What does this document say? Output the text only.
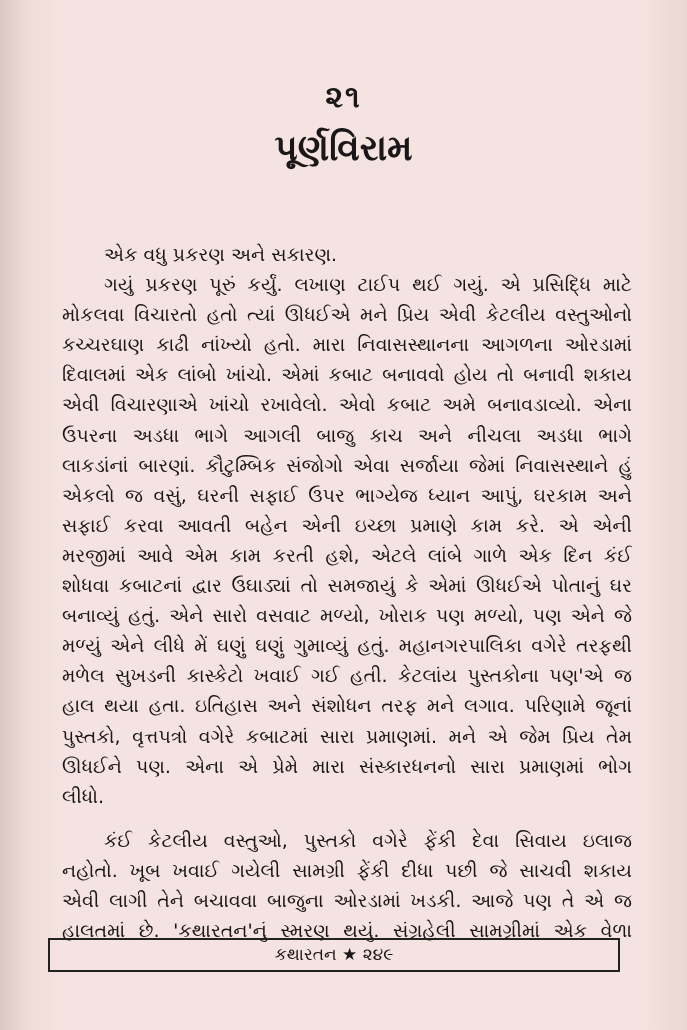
૨૧
પૂર્ણવિરામ
એક વધુ પ્રકરણ અને સકારણ.
ગયું પ્રકરણ પૂરું કર્યું. લખાણ ટાઈપ થઈ ગયું. એ પ્રસિદ્ધિ માટે
મોકલવા વિચારતો હતો ત્યાં ઊધઈએ મને પ્રિય એવી કેટલીય વસ્તુઓનો
કચ્ચરઘાણ કાઢી નાંખ્યો હતો. મારા નિવાસસ્થાનના આગળના ઓરડામાં
દિવાલમાં એક લાંબો ખાંચો. એમાં કબાટ બનાવવો હોય તો બનાવી શકાય
એવી વિચારણાએ ખાંચો રખાવેલો. એવો કબાટ અમે બનાવડાવ્યો. એના
ઉપરના અડધા ભાગે આગલી બાજુ કાચ અને નીચલા અડધા ભાગે
લાકડાંનાં બારણાં. કૌટુમ્બિક સંજોગો એવા સર્જાયા જેમાં નિવાસસ્થાને હું
એકલો જ વસું, ઘરની સફાઈ ઉપર ભાગ્યેજ ધ્યાન આપું, ઘરકામ અને
સફાઈ કરવા આવતી બહેન એની ઇચ્છા પ્રમાણે કામ કરે. એ એની
મરજીમાં આવે એમ કામ કરતી હશે, એટલે લાંબે ગાળે એક દિન કંઈ
શોધવા કબાટનાં દ્વાર ઉઘાડ્યાં તો સમજાયું કે એમાં ઊધઈએ પોતાનું ઘર
બનાવ્યું હતું. એને સારો વસવાટ મળ્યો, ખોરાક પણ મળ્યો, પણ એને જે
મળ્યું એને લીધે મેં ઘણું ઘણું ગુમાવ્યું હતું. મહાનગરપાલિકા વગેરે તરફથી
મળેલ સુખડની કાસ્કેટો ખવાઈ ગઈ હતી. કેટલાંય પુસ્તકોના પણ'એ જ
હાલ થયા હતા. ઇતિહાસ અને સંશોધન તરફ મને લગાવ. પરિણામે જૂનાં
પુસ્તકો, વૃત્તપત્રો વગેરે કબાટમાં સારા પ્રમાણમાં. મને એ જેમ પ્રિય તેમ
ઊધઈને પણ. એના એ પ્રેમે મારા સંસ્કારધનનો સારા પ્રમાણમાં ભોગ
લીધો.
કંઈ કેટલીય વસ્તુઓ, પુસ્તકો વગેરે ફેંકી દેવા સિવાય ઇલાજ
નહોતો. ખૂબ ખવાઈ ગયેલી સામગ્રી ફેંકી દીધા પછી જે સાચવી શકાય
એવી લાગી તેને બચાવવા બાજુના ઓરડામાં ખડકી. આજે પણ તે એ જ
હાલતમાં છે. 'કથારતન'નું સ્મરણ થયું. સંગ્રહેલી સામગ્રીમાં એક વેળા
કથારતન ★ ૨૪૯
